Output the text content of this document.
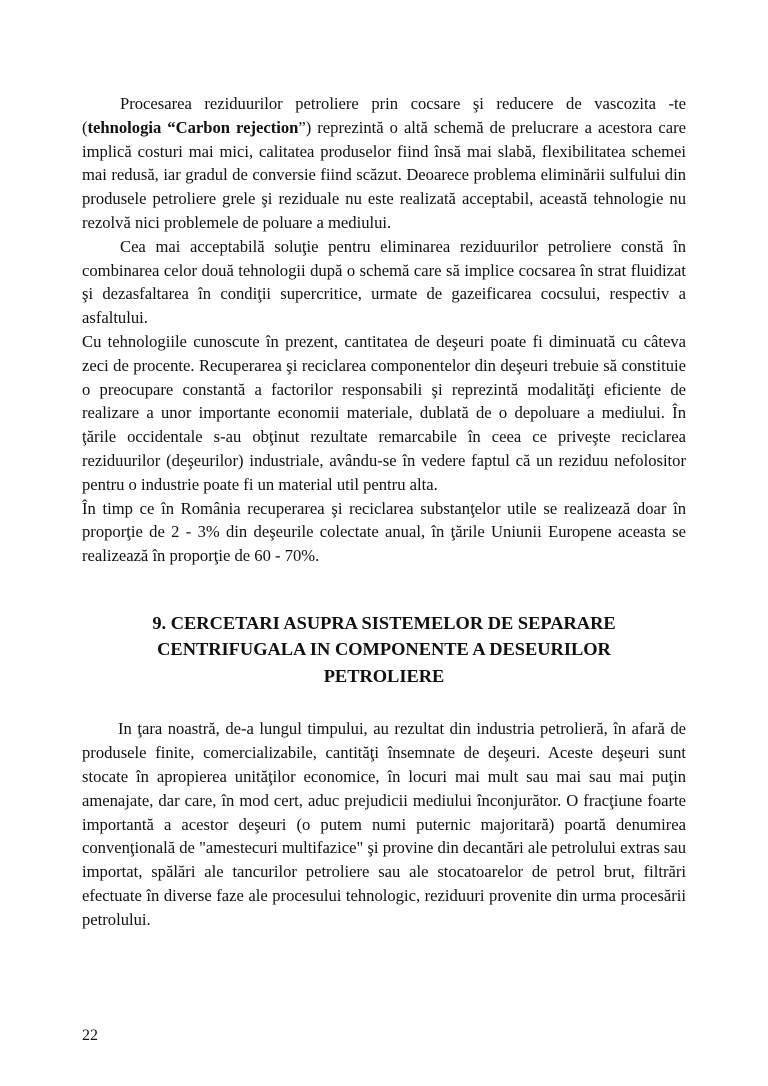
Procesarea reziduurilor petroliere prin cocsare şi reducere de vascozita -te (tehnologia “Carbon rejection”) reprezintă o altă schemă de prelucrare a acestora care implică costuri mai mici, calitatea produselor fiind însă mai slabă, flexibilitatea schemei mai redusă, iar gradul de conversie fiind scăzut. Deoarece problema eliminării sulfului din produsele petroliere grele şi reziduale nu este realizată acceptabil, această tehnologie nu rezolvă nici problemele de poluare a mediului.

Cea mai acceptabilă soluţie pentru eliminarea reziduurilor petroliere constă în combinarea celor două tehnologii după o schemă care să implice cocsarea în strat fluidizat şi dezasfaltarea în condiţii supercritice, urmate de gazeificarea cocsului, respectiv a asfaltului.

Cu tehnologiile cunoscute în prezent, cantitatea de deşeuri poate fi diminuată cu câteva zeci de procente. Recuperarea şi reciclarea componentelor din deşeuri trebuie să constituie o preocupare constantă a factorilor responsabili şi reprezintă modalităţi eficiente de realizare a unor importante economii materiale, dublată de o depoluare a mediului. În ţările occidentale s-au obţinut rezultate remarcabile în ceea ce priveşte reciclarea reziduurilor (deşeurilor) industriale, avându-se în vedere faptul că un reziduu nefolositor pentru o industrie poate fi un material util pentru alta.

În timp ce în România recuperarea şi reciclarea substanţelor utile se realizează doar în proporţie de 2 - 3% din deşeurile colectate anual, în ţările Uniunii Europene aceasta se realizează în proporţie de 60 - 70%.

9. CERCETARI ASUPRA SISTEMELOR DE SEPARARE
CENTRIFUGALA IN COMPONENTE A DESEURILOR
PETROLIERE

In ţara noastră, de-a lungul timpului, au rezultat din industria petrolieră, în afară de produsele finite, comercializabile, cantităţi însemnate de deşeuri. Aceste deşeuri sunt stocate în apropierea unităţilor economice, în locuri mai mult sau mai sau mai puţin amenajate, dar care, în mod cert, aduc prejudicii mediului înconjurător. O fracţiune foarte importantă a acestor deşeuri (o putem numi puternic majoritară) poartă denumirea convenţională de "amestecuri multifazice" şi provine din decantări ale petrolului extras sau importat, spălări ale tancurilor petroliere sau ale stocatoarelor de petrol brut, filtrări efectuate în diverse faze ale procesului tehnologic, reziduuri provenite din urma procesării petrolului.

22
